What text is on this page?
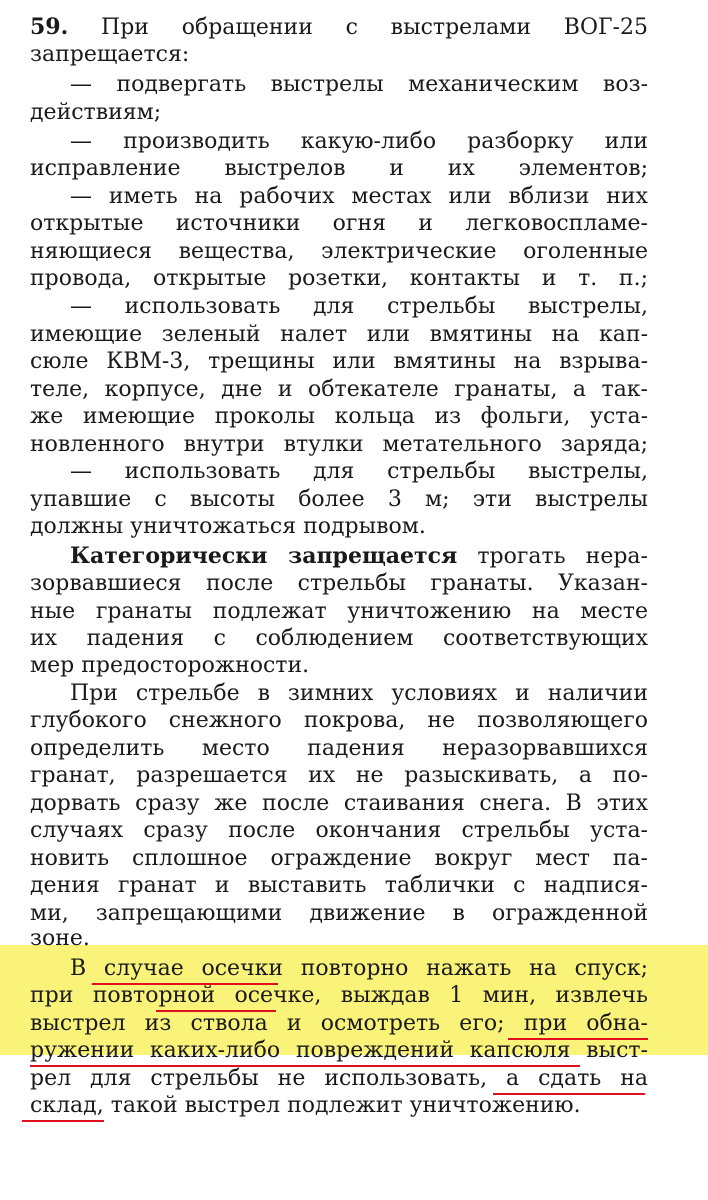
59. При обращении с выстрелами ВОГ-25
запрещается:
— подвергать выстрелы механическим воз-
действиям;
— производить какую-либо разборку или
исправление выстрелов и их элементов;
— иметь на рабочих местах или вблизи них
открытые источники огня и легковоспламе-
няющиеся вещества, электрические оголенные
провода, открытые розетки, контакты и т. п.;
— использовать для стрельбы выстрелы,
имеющие зеленый налет или вмятины на кап-
сюле КВМ-3, трещины или вмятины на взрыва-
теле, корпусе, дне и обтекателе гранаты, а так-
же имеющие проколы кольца из фольги, уста-
новленного внутри втулки метательного заряда;
— использовать для стрельбы выстрелы,
упавшие с высоты более 3 м; эти выстрелы
должны уничтожаться подрывом.
Категорически запрещается трогать нера-
зорвавшиеся после стрельбы гранаты. Указан-
ные гранаты подлежат уничтожению на месте
их падения с соблюдением соответствующих
мер предосторожности.
При стрельбе в зимних условиях и наличии
глубокого снежного покрова, не позволяющего
определить место падения неразорвавшихся
гранат, разрешается их не разыскивать, а по-
дорвать сразу же после стаивания снега. В этих
случаях сразу после окончания стрельбы уста-
новить сплошное ограждение вокруг мест па-
дения гранат и выставить таблички с надпися-
ми, запрещающими движение в огражденной
зоне.
В случае осечки повторно нажать на спуск;
при повторной осечке, выждав 1 мин, извлечь
выстрел из ствола и осмотреть его; при обна-
ружении каких-либо повреждений капсюля выст-
рел для стрельбы не использовать, а сдать на
склад, такой выстрел подлежит уничтожению.
